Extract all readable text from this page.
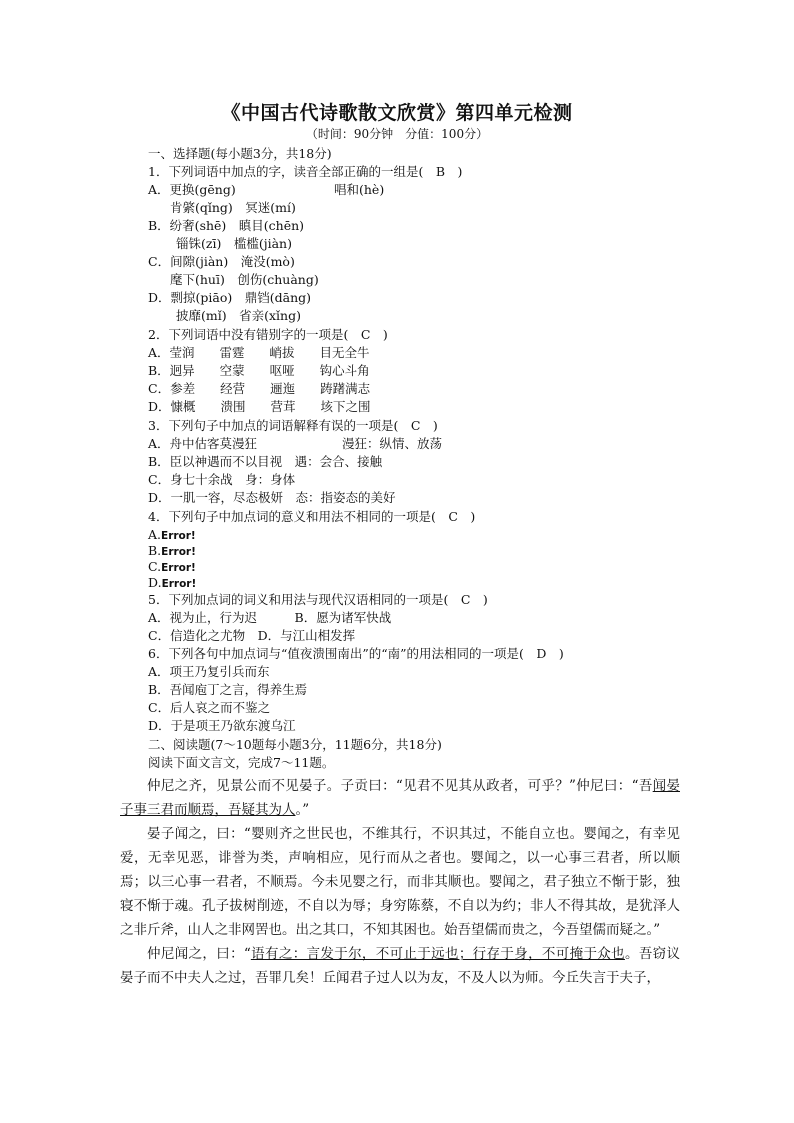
《中国古代诗歌散文欣赏》第四单元检测
（时间：90分钟　分值：100分）
一、选择题(每小题3分，共18分)
1．下列词语中加点的字，读音全部正确的一组是(　B　)
A．更换(gēng)	唱和(hè)
肯綮(qǐng)　冥迷(mí)
B．纷奢(shē)　瞋目(chēn)
锱铢(zī)　槛槛(jiàn)
C．间隙(jiàn)　淹没(mò)
麾下(huī)　创伤(chuàng)
D．剽掠(piāo)　鼎铛(dāng)
披靡(mǐ)　省亲(xǐng)
2．下列词语中没有错别字的一项是(　C　)
A．莹润　　雷霆　　峭拔　　目无全牛
B．迥异　　空蒙　　呕哑　　钩心斗角
C．参差　　经营　　逦迤　　踌躇满志
D．慷概　　溃围　　营茸　　垓下之围
3．下列句子中加点的词语解释有误的一项是(　C　)
A．舟中估客莫漫狂	漫狂：纵情、放荡
B．臣以神遇而不以目视　遇：会合、接触
C．身七十余战　身：身体
D．一肌一容，尽态极妍　态：指姿态的美好
4．下列句子中加点词的意义和用法不相同的一项是(　C　)
A.Error!
B.Error!
C.Error!
D.Error!
5．下列加点词的词义和用法与现代汉语相同的一项是(　C　)
A．视为止，行为迟　　　B．愿为诸军快战
C．信造化之尤物　D．与江山相发挥
6．下列各句中加点词与“值夜溃围南出”的“南”的用法相同的一项是(　D　)
A．项王乃复引兵而东
B．吾闻庖丁之言，得养生焉
C．后人哀之而不鉴之
D．于是项王乃欲东渡乌江
二、阅读题(7～10题每小题3分，11题6分，共18分)
阅读下面文言文，完成7～11题。

仲尼之齐，见景公而不见晏子。子贡曰：“见君不见其从政者，可乎？”仲尼曰：“吾闻晏子事三君而顺焉，吾疑其为人。”

晏子闻之，曰：“婴则齐之世民也，不维其行，不识其过，不能自立也。婴闻之，有幸见爱，无幸见恶，诽誉为类，声响相应，见行而从之者也。婴闻之，以一心事三君者，所以顺焉；以三心事一君者，不顺焉。今未见婴之行，而非其顺也。婴闻之，君子独立不惭于影，独寝不惭于魂。孔子拔树削迹，不自以为辱；身穷陈蔡，不自以为约；非人不得其故，是犹泽人之非斤斧，山人之非网罟也。出之其口，不知其困也。始吾望儒而贵之，今吾望儒而疑之。”

仲尼闻之，曰：“语有之：言发于尔，不可止于远也；行存于身，不可掩于众也。吾窃议晏子而不中夫人之过，吾罪几矣！丘闻君子过人以为友，不及人以为师。今丘失言于夫子，
